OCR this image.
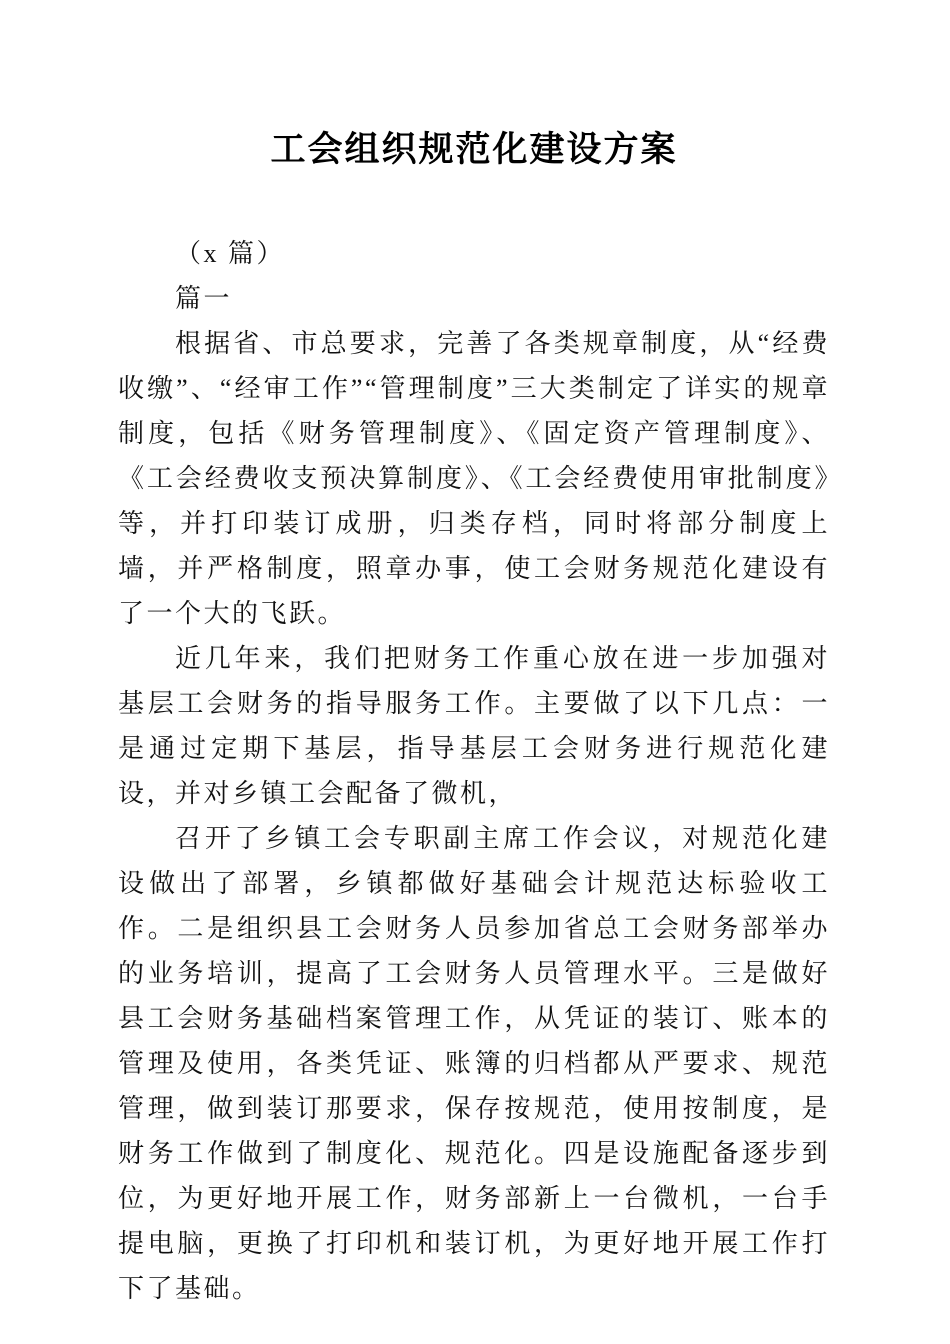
工会组织规范化建设方案

（x 篇）

篇一

根据省、市总要求，完善了各类规章制度，从“经费收缴”、“经审工作”“管理制度”三大类制定了详实的规章制度，包括《财务管理制度》、《固定资产管理制度》、《工会经费收支预决算制度》、《工会经费使用审批制度》等，并打印装订成册，归类存档，同时将部分制度上墙，并严格制度，照章办事，使工会财务规范化建设有了一个大的飞跃。

近几年来，我们把财务工作重心放在进一步加强对基层工会财务的指导服务工作。主要做了以下几点：一是通过定期下基层，指导基层工会财务进行规范化建设，并对乡镇工会配备了微机，

召开了乡镇工会专职副主席工作会议，对规范化建设做出了部署，乡镇都做好基础会计规范达标验收工作。二是组织县工会财务人员参加省总工会财务部举办的业务培训，提高了工会财务人员管理水平。三是做好县工会财务基础档案管理工作，从凭证的装订、账本的管理及使用，各类凭证、账簿的归档都从严要求、规范管理，做到装订那要求，保存按规范，使用按制度，是财务工作做到了制度化、规范化。四是设施配备逐步到位，为更好地开展工作，财务部新上一台微机，一台手提电脑，更换了打印机和装订机，为更好地开展工作打下了基础。
